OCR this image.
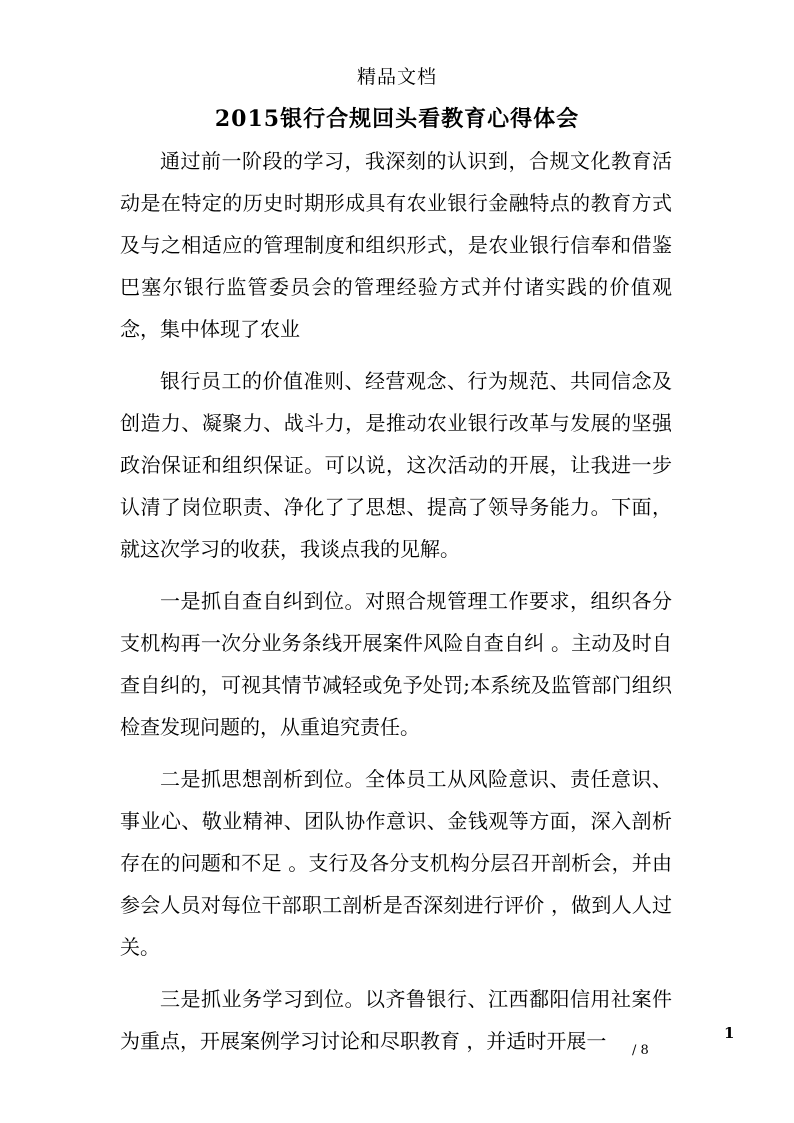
精品文档
2015银行合规回头看教育心得体会

通过前一阶段的学习，我深刻的认识到，合规文化教育活动是在特定的历史时期形成具有农业银行金融特点的教育方式及与之相适应的管理制度和组织形式，是农业银行信奉和借鉴巴塞尔银行监管委员会的管理经验方式并付诸实践的价值观念，集中体现了农业

银行员工的价值准则、经营观念、行为规范、共同信念及创造力、凝聚力、战斗力，是推动农业银行改革与发展的坚强政治保证和组织保证。可以说，这次活动的开展，让我进一步认清了岗位职责、净化了了思想、提高了领导务能力。下面，就这次学习的收获，我谈点我的见解。

一是抓自查自纠到位。对照合规管理工作要求，组织各分支机构再一次分业务条线开展案件风险自查自纠 。主动及时自查自纠的，可视其情节减轻或免予处罚;本系统及监管部门组织检查发现问题的，从重追究责任。

二是抓思想剖析到位。全体员工从风险意识、责任意识、事业心、敬业精神、团队协作意识、金钱观等方面，深入剖析存在的问题和不足 。支行及各分支机构分层召开剖析会，并由参会人员对每位干部职工剖析是否深刻进行评价 ，做到人人过关。

三是抓业务学习到位。以齐鲁银行、江西鄱阳信用社案件为重点，开展案例学习讨论和尽职教育 ，并适时开展一	1
/ 8
